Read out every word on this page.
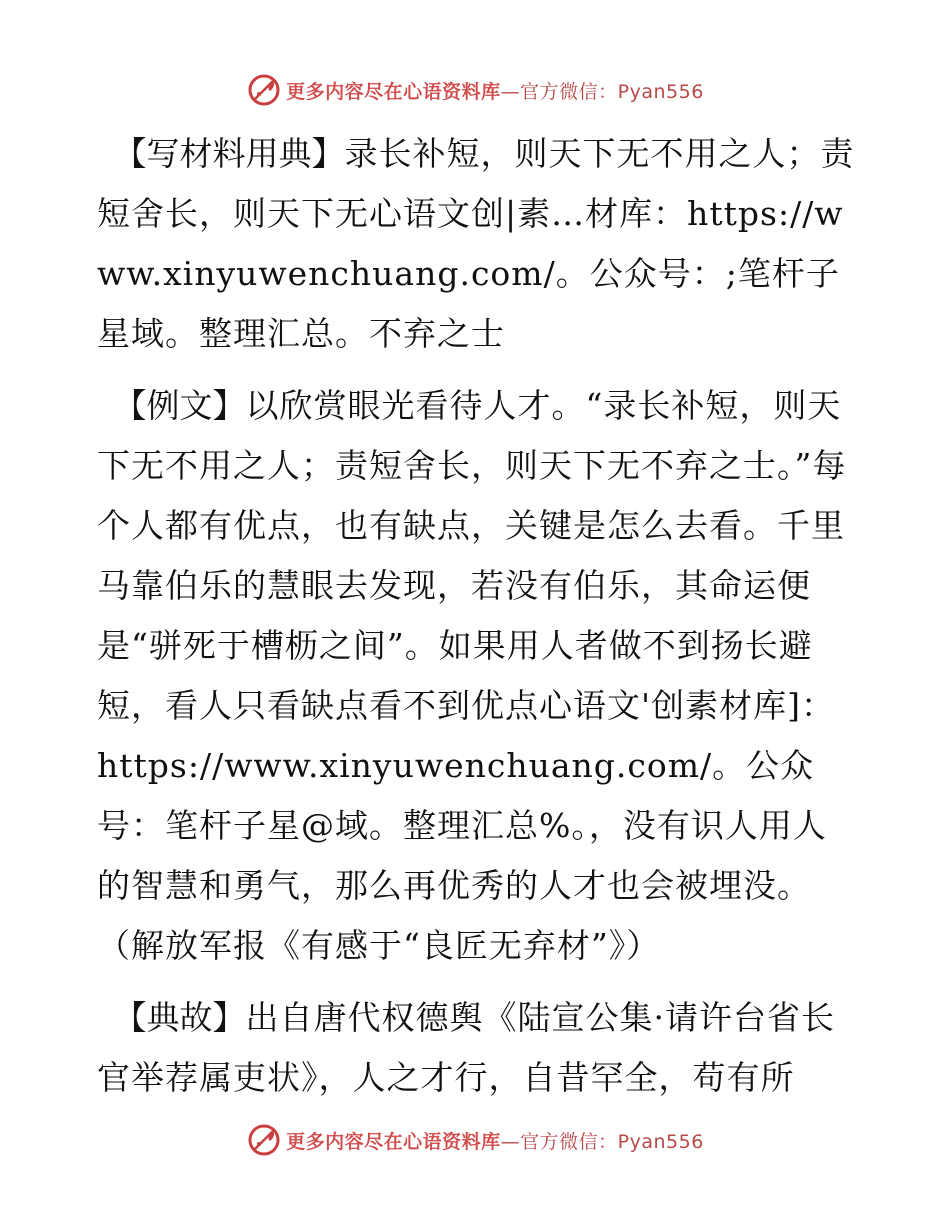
更多内容尽在心语资料库—官方微信：Pyan556

【写材料用典】录长补短，则天下无不用之人；责短舍长，则天下无心语文创|素…材库：https://www.xinyuwenchuang.com/。公众号：;笔杆子星域。整理汇总。不弃之士

【例文】以欣赏眼光看待人才。“录长补短，则天下无不用之人；责短舍长，则天下无不弃之士。”每个人都有优点，也有缺点，关键是怎么去看。千里马靠伯乐的慧眼去发现，若没有伯乐，其命运便是“骈死于槽枥之间”。如果用人者做不到扬长避短，看人只看缺点看不到优点心语文'创素材库]：https://www.xinyuwenchuang.com/。公众号：笔杆子星@域。整理汇总%。，没有识人用人的智慧和勇气，那么再优秀的人才也会被埋没。（解放军报《有感于“良匠无弃材”》）

【典故】出自唐代权德舆《陆宣公集·请许台省长官举荐属吏状》，人之才行，自昔罕全，苟有所

更多内容尽在心语资料库—官方微信：Pyan556
